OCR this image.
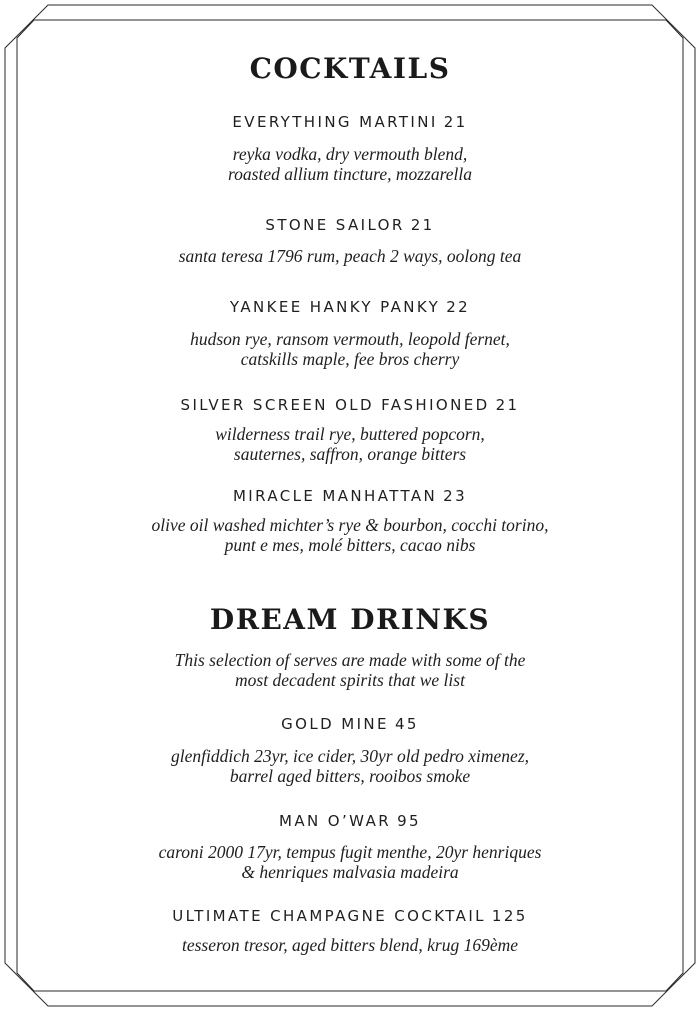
COCKTAILS
EVERYTHING MARTINI 21
reyka vodka, dry vermouth blend,
roasted allium tincture, mozzarella
STONE SAILOR 21
santa teresa 1796 rum, peach 2 ways, oolong tea
YANKEE HANKY PANKY 22
hudson rye, ransom vermouth, leopold fernet,
catskills maple, fee bros cherry
SILVER SCREEN OLD FASHIONED 21
wilderness trail rye, buttered popcorn,
sauternes, saffron, orange bitters
MIRACLE MANHATTAN 23
olive oil washed michter’s rye & bourbon, cocchi torino,
punt e mes, molé bitters, cacao nibs
DREAM DRINKS
This selection of serves are made with some of the
most decadent spirits that we list
GOLD MINE 45
glenfiddich 23yr, ice cider, 30yr old pedro ximenez,
barrel aged bitters, rooibos smoke
MAN O’WAR 95
caroni 2000 17yr, tempus fugit menthe, 20yr henriques
& henriques malvasia madeira
ULTIMATE CHAMPAGNE COCKTAIL 125
tesseron tresor, aged bitters blend, krug 169ème
